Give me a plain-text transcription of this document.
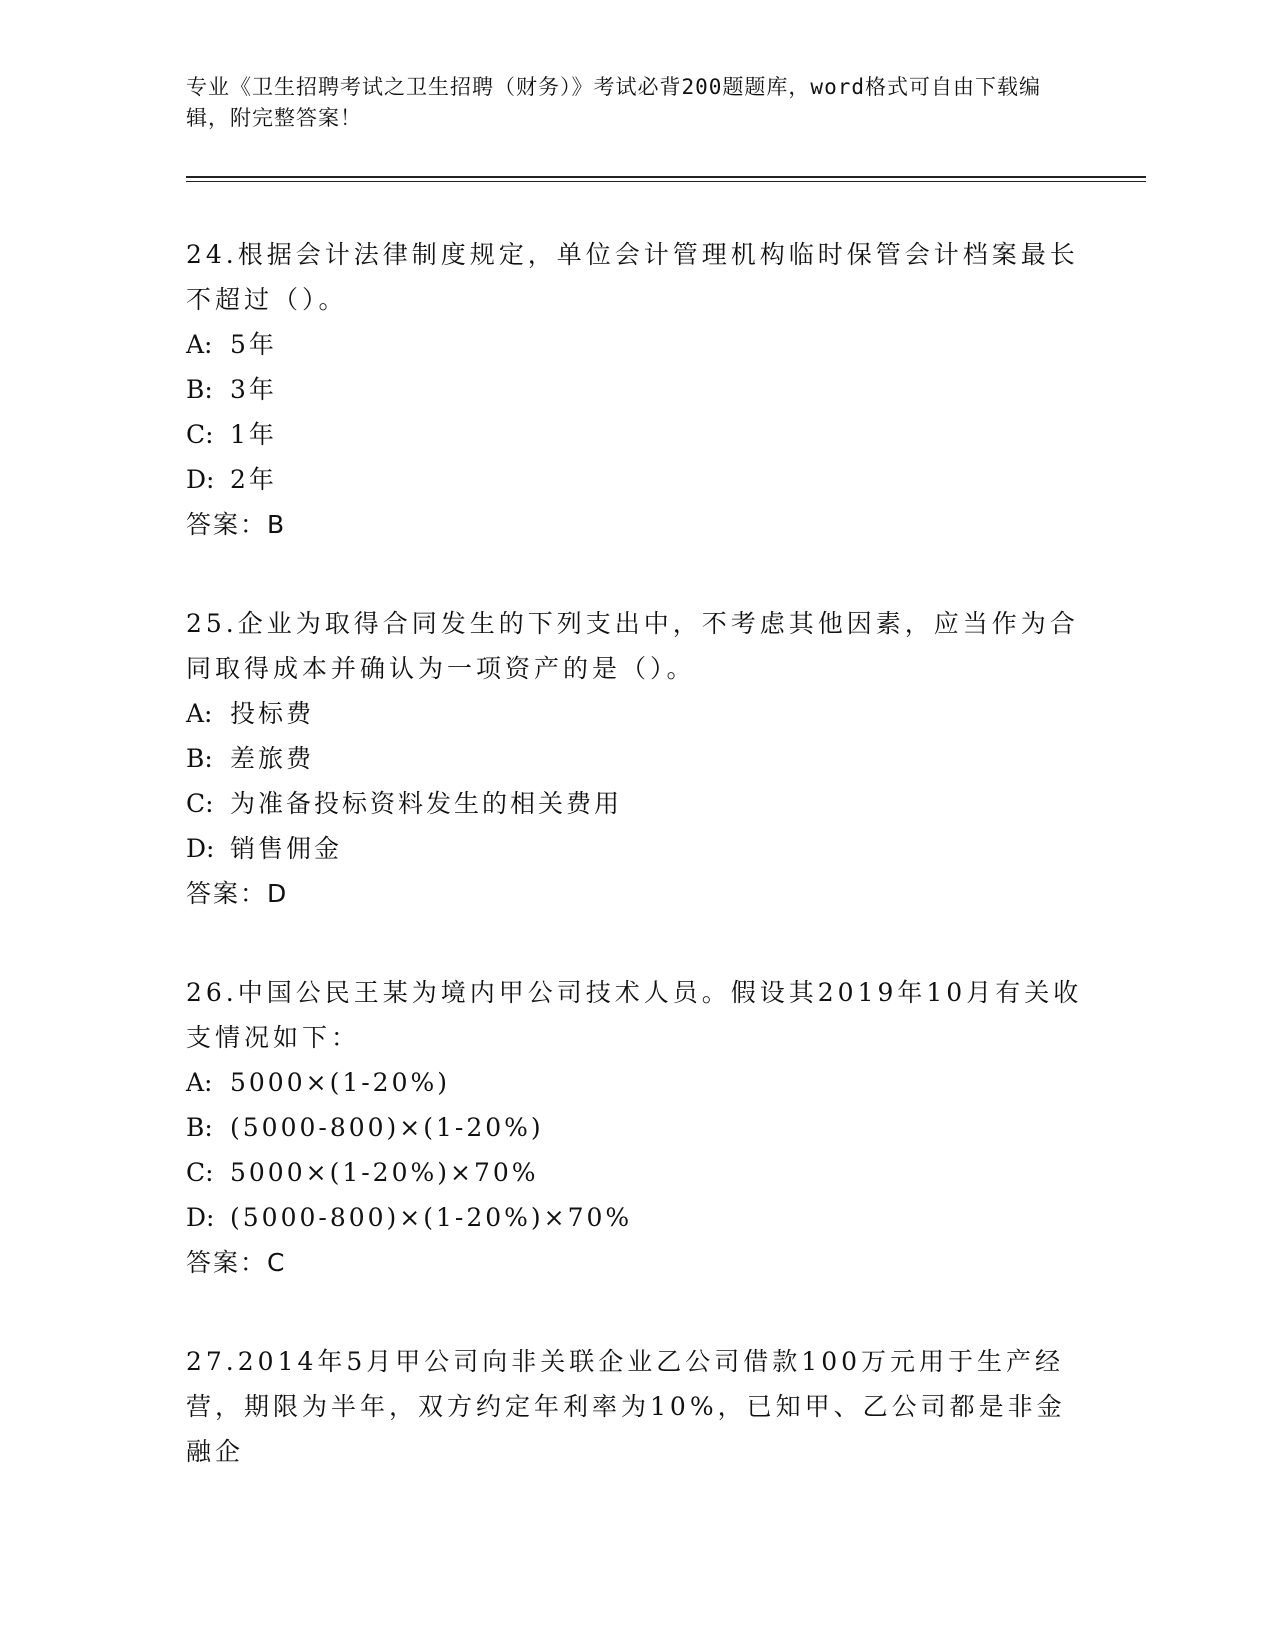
专业《卫生招聘考试之卫生招聘（财务）》考试必背200题题库，word格式可自由下载编辑，附完整答案！

24.根据会计法律制度规定，单位会计管理机构临时保管会计档案最长不超过（）。

A: 5年

B: 3年

C: 1年

D: 2年

答案：B

25.企业为取得合同发生的下列支出中，不考虑其他因素，应当作为合同取得成本并确认为一项资产的是（）。

A: 投标费

B: 差旅费

C: 为准备投标资料发生的相关费用

D: 销售佣金

答案：D

26.中国公民王某为境内甲公司技术人员。假设其2019年10月有关收支情况如下：

A: 5000×(1-20%)

B: (5000-800)×(1-20%)

C: 5000×(1-20%)×70%

D: (5000-800)×(1-20%)×70%

答案：C

27.2014年5月甲公司向非关联企业乙公司借款100万元用于生产经营，期限为半年，双方约定年利率为10%，已知甲、乙公司都是非金融企
